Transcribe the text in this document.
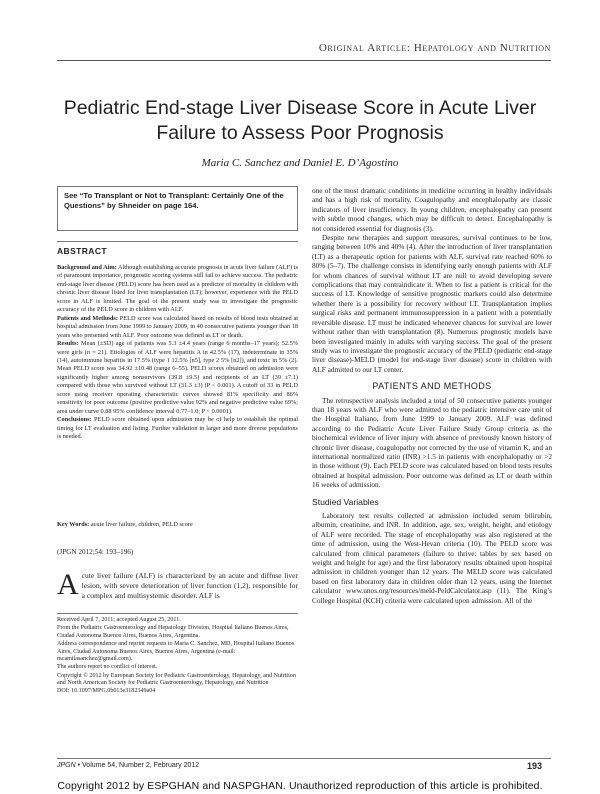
Original Article: Hepatology and Nutrition
Pediatric End-stage Liver Disease Score in Acute Liver
Failure to Assess Poor Prognosis
Maria C. Sanchez and Daniel E. D’Agostino
See “To Transplant or Not to Transplant: Certainly One of the Questions” by Shneider on page 164.
ABSTRACT

Background and Aim: Although establishing accurate prognosis in acute liver failure (ALF) is of paramount importance, prognostic scoring systems still fail to achieve success. The pediatric end-stage liver disease (PELD) score has been used as a predictor of mortality in children with chronic liver disease listed for liver transplantation (LT); however, experience with the PELD score in ALF is limited. The goal of the present study was to investigate the prognostic accuracy of the PELD score in children with ALF.

Patients and Methods: PELD score was calculated based on results of blood tests obtained at hospital admission from June 1999 to January 2009, in 40 consecutive patients younger than 18 years who presented with ALF. Poor outcome was defined as LT or death.

Results: Mean (±SD) age of patients was 5.3 ±4.4 years (range 6 months–17 years); 52.5% were girls (n = 21). Etiologies of ALF were hepatitis A in 42.5% (17), indeterminate in 35% (14), autoimmune hepatitis in 17.5% (type 1 12.5% [n5], type 2 5% [n2]), and toxic in 5% (2). Mean PELD score was 34.92 ±10.48 (range 6–55). PELD scores obtained on admission were significantly higher among nonsurvivors (39.8 ±9.5) and recipients of an LT (39 ±7.1) compared with those who survived without LT (31.3 ±3) (P < 0.001). A cutoff of 33 in PELD score using receiver operating characteristic curves showed 81% specificity and 86% sensitivity for poor outcome (positive predictive value 92% and negative predictive value 69%; area under curve 0.88 95% confidence interval 0.77–1.0; P < 0.0001).

Conclusions: PELD score obtained upon admission may be of help to establish the optimal timing for LT evaluation and listing. Further validation in larger and more diverse populations is needed.

Key Words: acute liver failure, children, PELD score
(JPGN 2012;54: 193–196)
Acute liver failure (ALF) is characterized by an acute and diffuse liver lesion, with severe deterioration of liver function (1,2), responsible for a complex and multisystemic disorder. ALF is

Received April 7, 2011; accepted August 25, 2011.

From the Pediatric Gastroenterology and Hepatology Division, Hospital Italiano Buenos Aires, Ciudad Autonoma Buenos Aires, Buenos Aires, Argentina.

Address correspondence and reprint requests to Maria C. Sanchez, MD, Hospital Italiano Buenos Aires, Ciudad Autonoma Buenos Aires, Buenos Aires, Argentina (e-mail: mcamilasanchez@gmail.com).

The authors report no conflict of interest.

Copyright © 2012 by European Society for Pediatric Gastroenterology, Hepatology, and Nutrition and North American Society for Pediatric Gastroenterology, Hepatology, and Nutrition

DOI: 10.1097/MPG.0b013e3182349a04

one of the most dramatic conditions in medicine occurring in healthy individuals and has a high risk of mortality. Coagulopathy and encephalopathy are classic indicators of liver insufficiency. In young children, encephalopathy can present with subtle mood changes, which may be difficult to detect. Encephalopathy is not considered essential for diagnosis (3).

Despite new therapies and support measures, survival continues to be low, ranging between 10% and 40% (4). After the introduction of liver transplantation (LT) as a therapeutic option for patients with ALF, survival rate reached 60% to 80% (5–7). The challenge consists in identifying early enough patients with ALF for whom chances of survival without LT are null to avoid developing severe complications that may contraindicate it. When to list a patient is critical for the success of LT. Knowledge of sensitive prognostic markers could also determine whether there is a possibility for recovery without LT. Transplantation implies surgical risks and permanent immunosuppression in a patient with a potentially reversible disease. LT must be indicated whenever chances for survival are lower without rather than with transplantation (8). Numerous prognostic models have been investigated mainly in adults with varying success. The goal of the present study was to investigate the prognostic accuracy of the PELD (pediatric end-stage liver disease)-MELD (model for end-stage liver disease) score in children with ALF admitted to our LT center.

PATIENTS AND METHODS

The retrospective analysis included a total of 50 consecutive patients younger than 18 years with ALF who were admitted to the pediatric intensive care unit of the Hospital Italiano, from June 1999 to January 2009. ALF was defined according to the Pediatric Acute Liver Failure Study Group criteria as the biochemical evidence of liver injury with absence of previously known history of chronic liver disease, coagulopathy not corrected by the use of vitamin K, and an international normalized ratio (INR) >1.5 in patients with encephalopathy or >2 in those without (9). Each PELD score was calculated based on blood tests results obtained at hospital admission. Poor outcome was defined as LT or death within 16 weeks of admission.

Studied Variables

Laboratory test results collected at admission included serum bilirubin, albumin, creatinine, and INR. In addition, age, sex, weight, height, and etiology of ALF were recorded. The stage of encephalopathy was also registered at the time of admission, using the West-Hevan criteria (10). The PELD score was calculated from clinical parameters (failure to thrive: tables by sex based on weight and height for age) and the first laboratory results obtained upon hospital admission in children younger than 12 years. The MELD score was calculated based on first laboratory data in children older than 12 years, using the Internet calculator www.unos.org/resources/meld-PeldCalculator.asp (11). The King’s College Hospital (KCH) criteria were calculated upon admission. All of the

JPGN • Volume 54, Number 2, February 2012	193
Copyright 2012 by ESPGHAN and NASPGHAN. Unauthorized reproduction of this article is prohibited.
